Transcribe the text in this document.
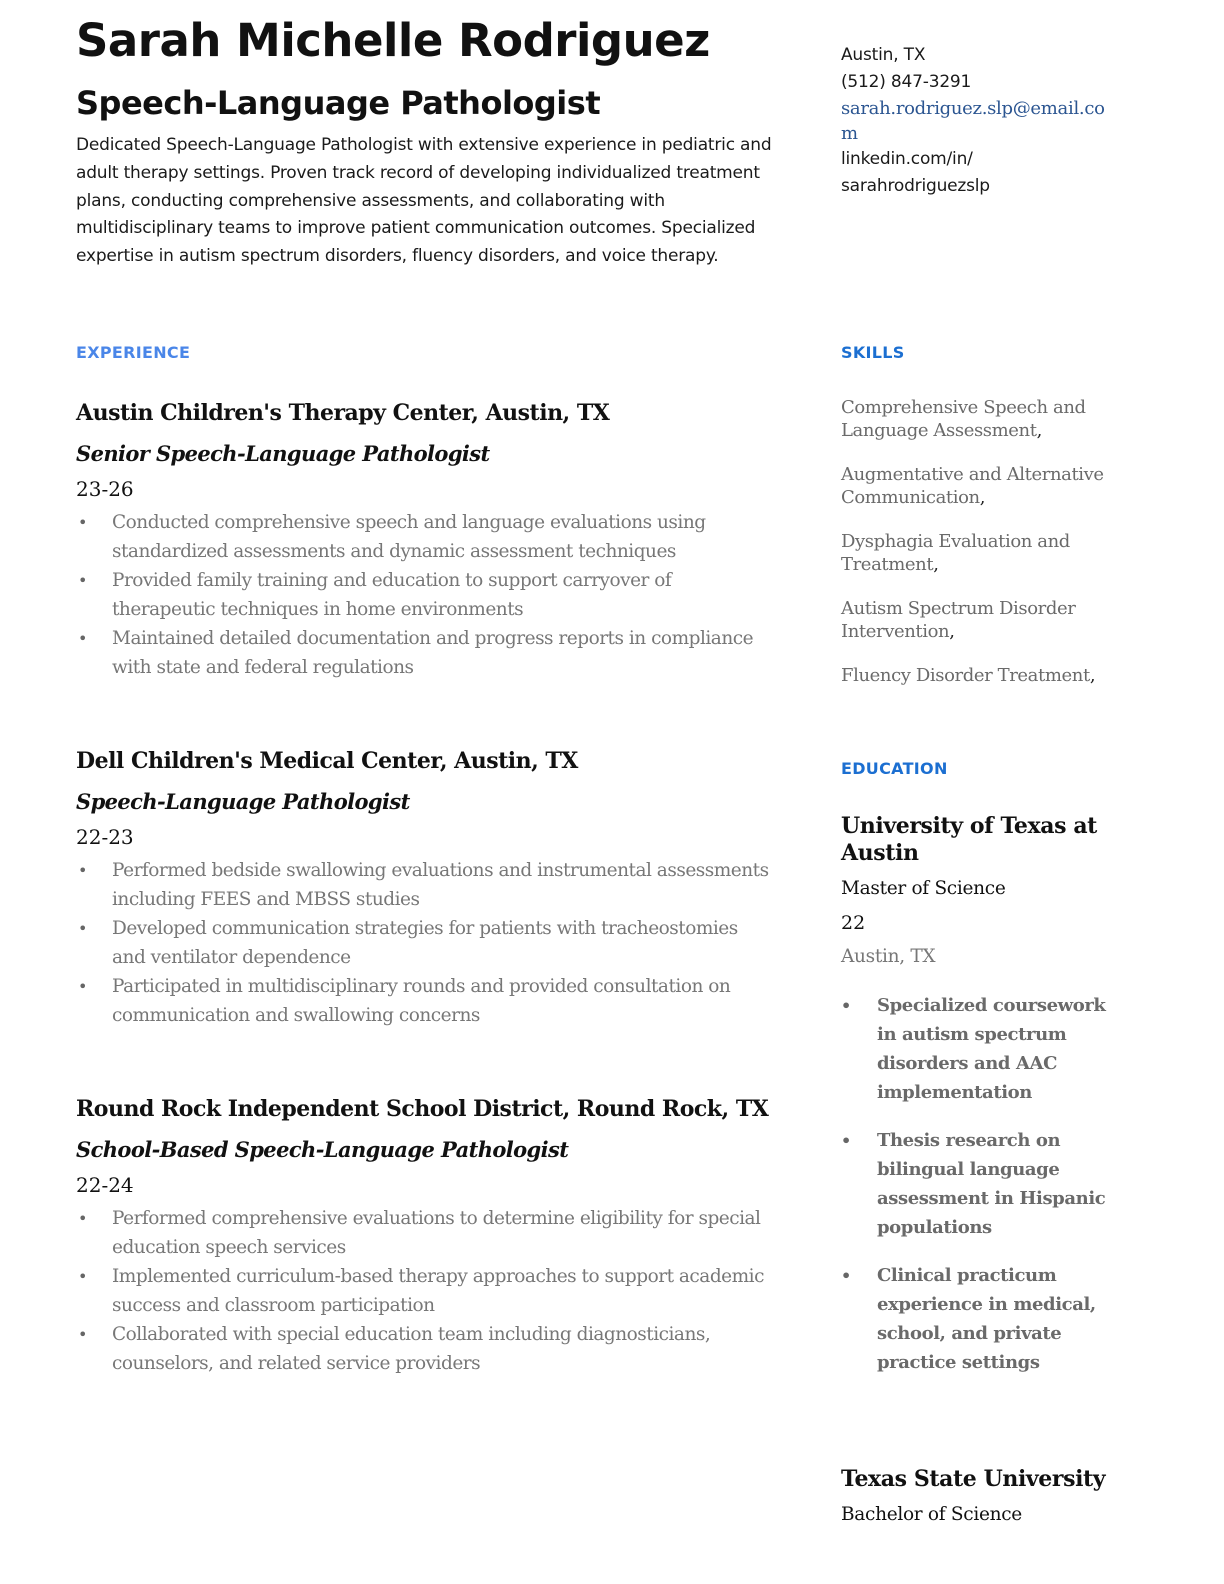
Sarah Michelle Rodriguez
Speech-Language Pathologist

Dedicated Speech-Language Pathologist with extensive experience in pediatric and adult therapy settings. Proven track record of developing individualized treatment plans, conducting comprehensive assessments, and collaborating with multidisciplinary teams to improve patient communication outcomes. Specialized expertise in autism spectrum disorders, fluency disorders, and voice therapy.

EXPERIENCE
Austin Children's Therapy Center, Austin, TX
Senior Speech-Language Pathologist
23-26
• Conducted comprehensive speech and language evaluations using standardized assessments and dynamic assessment techniques
• Provided family training and education to support carryover of therapeutic techniques in home environments
• Maintained detailed documentation and progress reports in compliance with state and federal regulations
Dell Children's Medical Center, Austin, TX
Speech-Language Pathologist
22-23
• Performed bedside swallowing evaluations and instrumental assessments including FEES and MBSS studies
• Developed communication strategies for patients with tracheostomies and ventilator dependence
• Participated in multidisciplinary rounds and provided consultation on communication and swallowing concerns
Round Rock Independent School District, Round Rock, TX
School-Based Speech-Language Pathologist
22-24
• Performed comprehensive evaluations to determine eligibility for special education speech services
• Implemented curriculum-based therapy approaches to support academic success and classroom participation
• Collaborated with special education team including diagnosticians, counselors, and related service providers
Austin, TX
(512) 847-3291
sarah.rodriguez.slp@email.com
linkedin.com/in/
sarahrodriguezslp
SKILLS
Comprehensive Speech and Language Assessment,
Augmentative and Alternative Communication,
Dysphagia Evaluation and Treatment,
Autism Spectrum Disorder Intervention,
Fluency Disorder Treatment,
EDUCATION
University of Texas at Austin
Master of Science
22
Austin, TX
• Specialized coursework in autism spectrum disorders and AAC implementation
• Thesis research on bilingual language assessment in Hispanic populations
• Clinical practicum experience in medical, school, and private practice settings
Texas State University
Bachelor of Science
